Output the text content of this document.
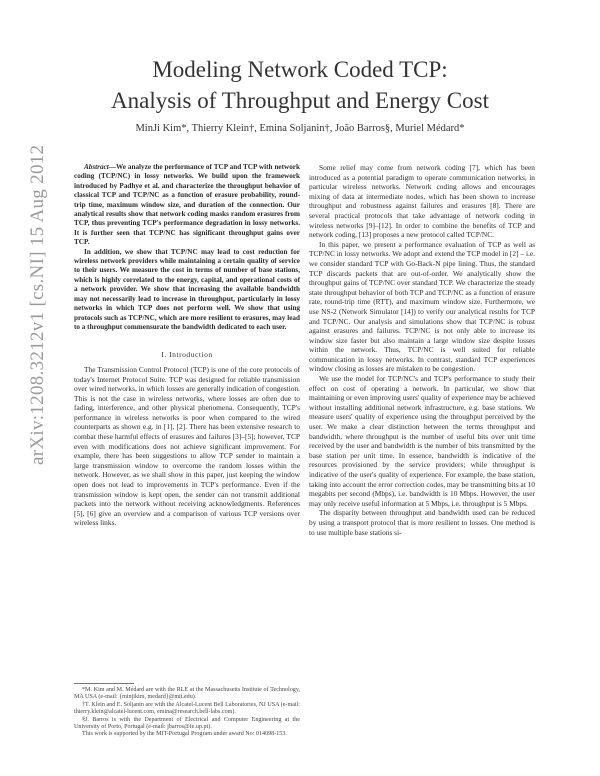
Modeling Network Coded TCP:
Analysis of Throughput and Energy Cost
MinJi Kim*, Thierry Klein†, Emina Soljanin†, João Barros§, Muriel Médard*
arXiv:1208.3212v1 [cs.NI] 15 Aug 2012	Abstract—We analyze the performance of TCP and TCP with network coding (TCP/NC) in lossy networks. We build upon the framework introduced by Padhye et al. and characterize the throughput behavior of classical TCP and TCP/NC as a function of erasure probability, round-trip time, maximum window size, and duration of the connection. Our analytical results show that network coding masks random erasures from TCP, thus preventing TCP's performance degradation in lossy networks. It is further seen that TCP/NC has significant throughput gains over TCP.

In addition, we show that TCP/NC may lead to cost reduction for wireless network providers while maintaining a certain quality of service to their users. We measure the cost in terms of number of base stations, which is highly correlated to the energy, capital, and operational costs of a network provider. We show that increasing the available bandwidth may not necessarily lead to increase in throughput, particularly in lossy networks in which TCP does not perform well. We show that using protocols such as TCP/NC, which are more resilient to erasures, may lead to a throughput commensurate the bandwidth dedicated to each user.

I. Introduction

The Transmission Control Protocol (TCP) is one of the core protocols of today's Internet Protocol Suite. TCP was designed for reliable transmission over wired networks, in which losses are generally indication of congestion. This is not the case in wireless networks, where losses are often due to fading, interference, and other physical phenomena. Consequently, TCP's performance in wireless networks is poor when compared to the wired counterparts as shown e.g. in [1], [2]. There has been extensive research to combat these harmful effects of erasures and failures [3]–[5]; however, TCP even with modifications does not achieve significant improvement. For example, there has been suggestions to allow TCP sender to maintain a large transmission window to overcome the random losses within the network. However, as we shall show in this paper, just keeping the window open does not lead to improvements in TCP's performance. Even if the transmission window is kept open, the sender can not transmit additional packets into the network without receiving acknowledgments. References [5], [6] give an overview and a comparison of various TCP versions over wireless links.

*M. Kim and M. Médard are with the RLE at the Massachusetts Institute of Technology, MA USA (e-mail: {minjikim, medard}@mit.edu).

†T. Klein and E. Soljanin are with the Alcatel-Lucent Bell Laboratories, NJ USA (e-mail: thierry.klein@alcatel-lucent.com, emina@research.bell-labs.com).

§J. Barros is with the Department of Electrical and Computer Engineering at the University of Porto, Portugal (e-mail: jbarros@fe.up.pt).

This work is supported by the MIT-Portugal Program under award No: 014098-153.

Some relief may come from network coding [7], which has been introduced as a potential paradigm to operate communication networks, in particular wireless networks. Network coding allows and encourages mixing of data at intermediate nodes, which has been shown to increase throughput and robustness against failures and erasures [8]. There are several practical protocols that take advantage of network coding in wireless networks [9]–[12]. In order to combine the benefits of TCP and network coding, [13] proposes a new protocol called TCP/NC.

In this paper, we present a performance evaluation of TCP as well as TCP/NC in lossy networks. We adopt and extend the TCP model in [2] – i.e. we consider standard TCP with Go-Back-N pipe lining. Thus, the standard TCP discards packets that are out-of-order. We analytically show the throughput gains of TCP/NC over standard TCP. We characterize the steady state throughput behavior of both TCP and TCP/NC as a function of erasure rate, round-trip time (RTT), and maximum window size. Furthermore, we use NS-2 (Network Simulator [14]) to verify our analytical results for TCP and TCP/NC. Our analysis and simulations show that TCP/NC is robust against erasures and failures. TCP/NC is not only able to increase its window size faster but also maintain a large window size despite losses within the network. Thus, TCP/NC is well suited for reliable communication in lossy networks. In contrast, standard TCP experiences window closing as losses are mistaken to be congestion.

We use the model for TCP/NC's and TCP's performance to study their effect on cost of operating a network. In particular, we show that maintaining or even improving users' quality of experience may be achieved without installing additional network infrastructure, e.g. base stations. We measure users' quality of experience using the throughput perceived by the user. We make a clear distinction between the terms throughput and bandwidth, where throughput is the number of useful bits over unit time received by the user and bandwidth is the number of bits transmitted by the base station per unit time. In essence, bandwidth is indicative of the resources provisioned by the service providers; while throughput is indicative of the user's quality of experience. For example, the base station, taking into account the error correction codes, may be transmitting bits at 10 megabits per second (Mbps), i.e. bandwidth is 10 Mbps. However, the user may only receive useful information at 5 Mbps, i.e. throughput is 5 Mbps.

The disparity between throughput and bandwidth used can be reduced by using a transport protocol that is more resilient to losses. One method is to use multiple base stations si-
